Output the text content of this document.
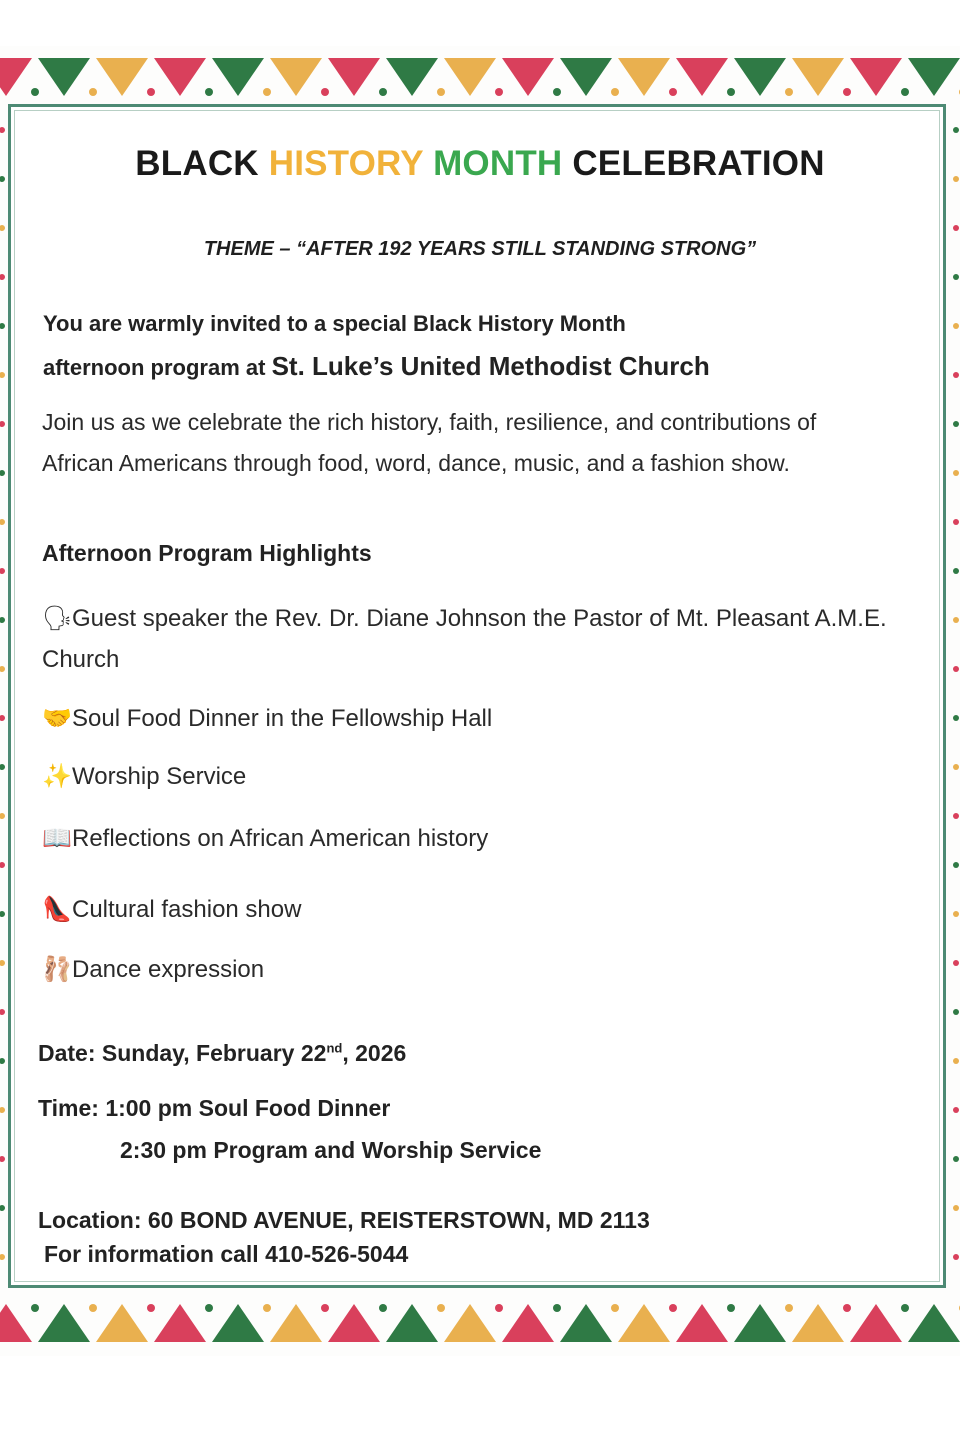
BLACK HISTORY MONTH CELEBRATION
THEME – “AFTER 192 YEARS STILL STANDING STRONG”
You are warmly invited to a special Black History Month
afternoon program at St. Luke’s United Methodist Church
Join us as we celebrate the rich history, faith, resilience, and contributions of African Americans through food, word, dance, music, and a fashion show.
Afternoon Program Highlights
🗣Guest speaker the Rev. Dr. Diane Johnson the Pastor of Mt. Pleasant A.M.E. Church
🤝Soul Food Dinner in the Fellowship Hall
✨Worship Service
📖Reflections on African American history
👠Cultural fashion show
🩰Dance expression
Date: Sunday, February 22nd, 2026
Time: 1:00 pm Soul Food Dinner
2:30 pm Program and Worship Service
Location: 60 BOND AVENUE, REISTERSTOWN, MD 2113
For information call 410-526-5044
